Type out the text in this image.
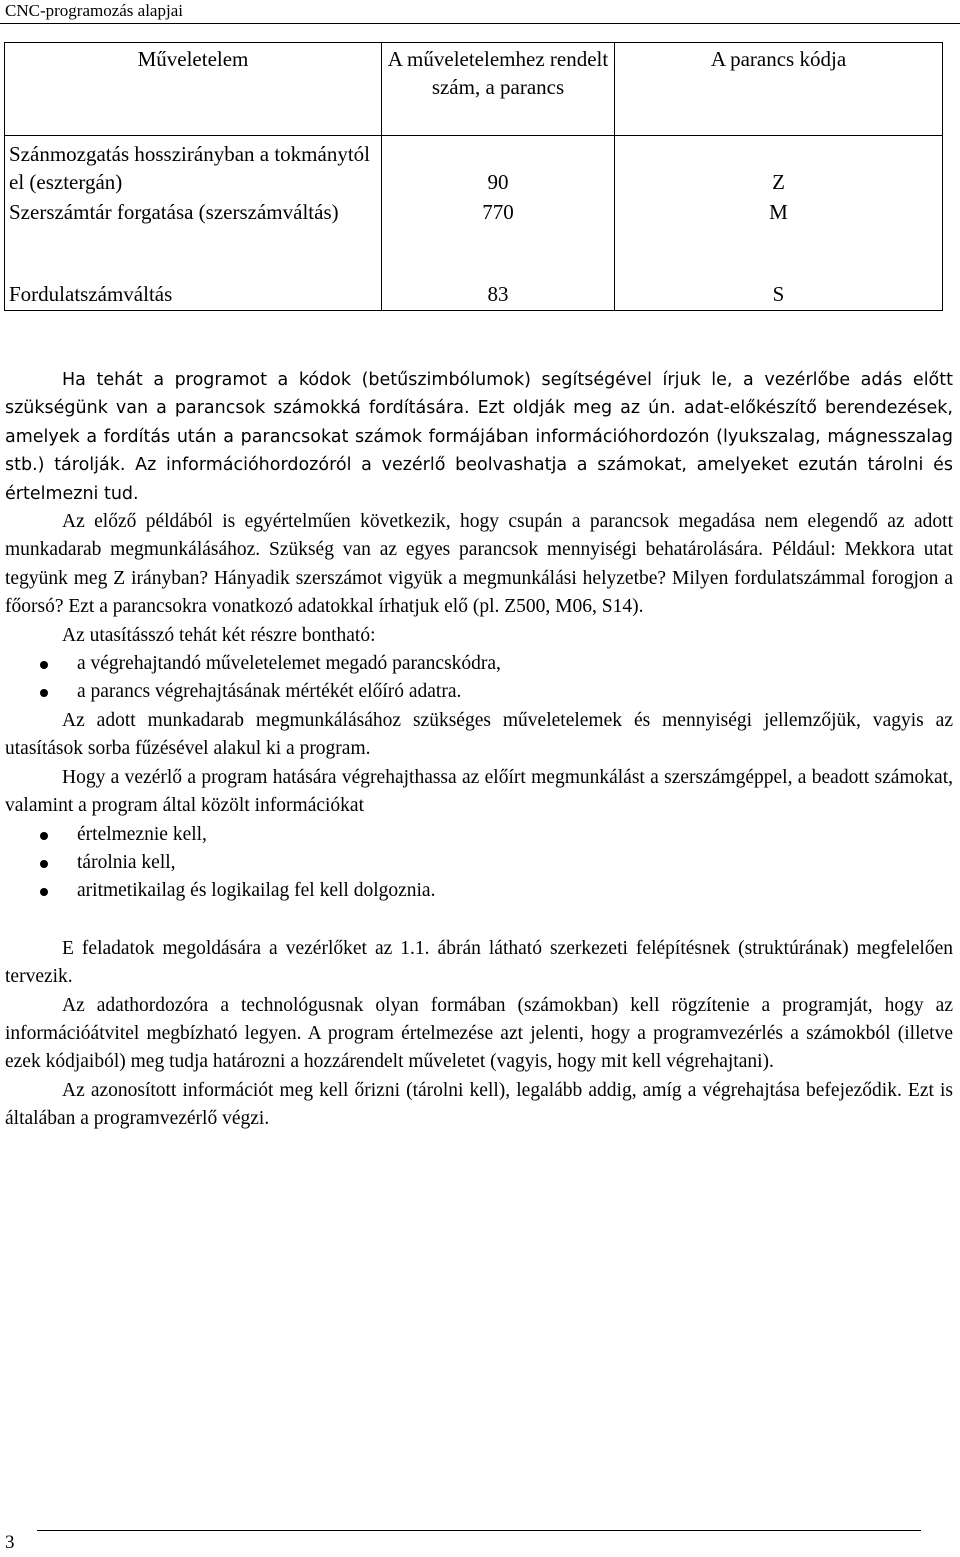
CNC-programozás alapjai
Műveletelem	A műveletelemhez rendelt szám, a parancs	A parancs kódja
Szánmozgatás hosszirányban a tokmánytól el (esztergán)	90	Z
Szerszámtár forgatása (szerszámváltás)	770	M
Fordulatszámváltás	83	S

Ha tehát a programot a kódok (betűszimbólumok) segítségével írjuk le, a vezérlőbe adás előtt szükségünk van a parancsok számokká fordítására. Ezt oldják meg az ún. adat-előkészítő berendezések, amelyek a fordítás után a parancsokat számok formájában információhordozón (lyukszalag, mágnesszalag stb.) tárolják. Az információhordozóról a vezérlő beolvashatja a számokat, amelyeket ezután tárolni és értelmezni tud.

Az előző példából is egyértelműen következik, hogy csupán a parancsok megadása nem elegendő az adott munkadarab megmunkálásához. Szükség van az egyes parancsok mennyiségi behatárolására. Például: Mekkora utat tegyünk meg Z irányban? Hányadik szerszámot vigyük a megmunkálási helyzetbe? Milyen fordulatszámmal forogjon a főorsó? Ezt a parancsokra vonatkozó adatokkal írhatjuk elő (pl. Z500, M06, S14).

Az utasításszó tehát két részre bontható:

a végrehajtandó műveletelemet megadó parancskódra,
a parancs végrehajtásának mértékét előíró adatra.

Az adott munkadarab megmunkálásához szükséges műveletelemek és mennyiségi jellemzőjük, vagyis az utasítások sorba fűzésével alakul ki a program.

Hogy a vezérlő a program hatására végrehajthassa az előírt megmunkálást a szerszámgéppel, a beadott számokat, valamint a program által közölt információkat

értelmeznie kell,
tárolnia kell,
aritmetikailag és logikailag fel kell dolgoznia.

E feladatok megoldására a vezérlőket az 1.1. ábrán látható szerkezeti felépítésnek (struktúrának) megfelelően tervezik.

Az adathordozóra a technológusnak olyan formában (számokban) kell rögzítenie a programját, hogy az információátvitel megbízható legyen. A program értelmezése azt jelenti, hogy a programvezérlés a számokból (illetve ezek kódjaiból) meg tudja határozni a hozzárendelt műveletet (vagyis, hogy mit kell végrehajtani).

Az azonosított információt meg kell őrizni (tárolni kell), legalább addig, amíg a végrehajtása befejeződik. Ezt is általában a programvezérlő végzi.

3
